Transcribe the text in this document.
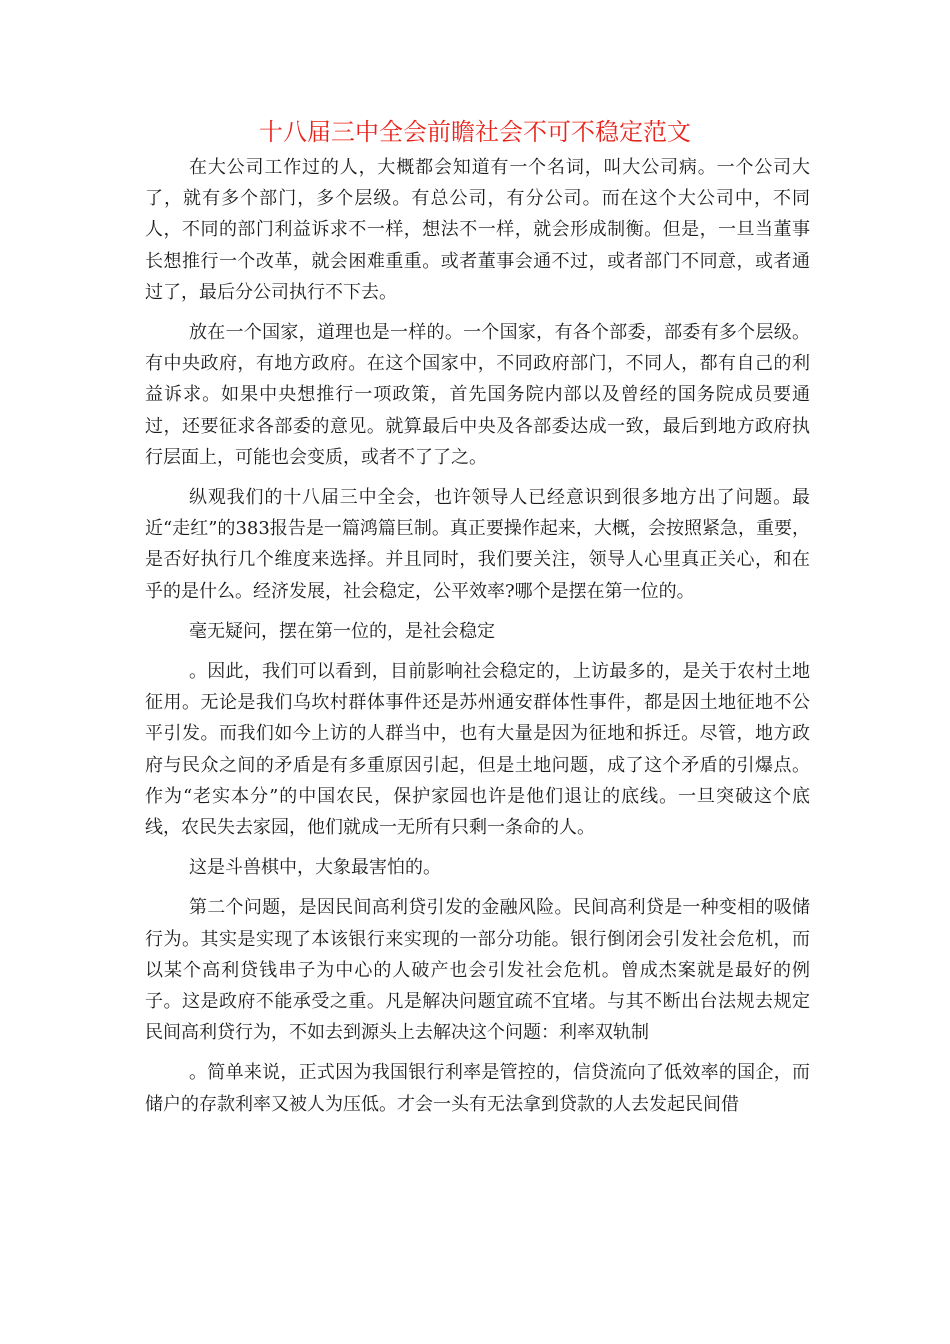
十八届三中全会前瞻社会不可不稳定范文

在大公司工作过的人，大概都会知道有一个名词，叫大公司病。一个公司大了，就有多个部门，多个层级。有总公司，有分公司。而在这个大公司中，不同人，不同的部门利益诉求不一样，想法不一样，就会形成制衡。但是，一旦当董事长想推行一个改革，就会困难重重。或者董事会通不过，或者部门不同意，或者通过了，最后分公司执行不下去。

放在一个国家，道理也是一样的。一个国家，有各个部委，部委有多个层级。有中央政府，有地方政府。在这个国家中，不同政府部门，不同人，都有自己的利益诉求。如果中央想推行一项政策，首先国务院内部以及曾经的国务院成员要通过，还要征求各部委的意见。就算最后中央及各部委达成一致，最后到地方政府执行层面上，可能也会变质，或者不了了之。

纵观我们的十八届三中全会，也许领导人已经意识到很多地方出了问题。最近“走红”的383报告是一篇鸿篇巨制。真正要操作起来，大概，会按照紧急，重要，是否好执行几个维度来选择。并且同时，我们要关注，领导人心里真正关心，和在乎的是什么。经济发展，社会稳定，公平效率?哪个是摆在第一位的。

毫无疑问，摆在第一位的，是社会稳定

。因此，我们可以看到，目前影响社会稳定的，上访最多的，是关于农村土地征用。无论是我们乌坎村群体事件还是苏州通安群体性事件，都是因土地征地不公平引发。而我们如今上访的人群当中，也有大量是因为征地和拆迁。尽管，地方政府与民众之间的矛盾是有多重原因引起，但是土地问题，成了这个矛盾的引爆点。作为“老实本分”的中国农民，保护家园也许是他们退让的底线。一旦突破这个底线，农民失去家园，他们就成一无所有只剩一条命的人。

这是斗兽棋中，大象最害怕的。

第二个问题，是因民间高利贷引发的金融风险。民间高利贷是一种变相的吸储行为。其实是实现了本该银行来实现的一部分功能。银行倒闭会引发社会危机，而以某个高利贷钱串子为中心的人破产也会引发社会危机。曾成杰案就是最好的例子。这是政府不能承受之重。凡是解决问题宜疏不宜堵。与其不断出台法规去规定民间高利贷行为，不如去到源头上去解决这个问题：利率双轨制

。简单来说，正式因为我国银行利率是管控的，信贷流向了低效率的国企，而储户的存款利率又被人为压低。才会一头有无法拿到贷款的人去发起民间借
